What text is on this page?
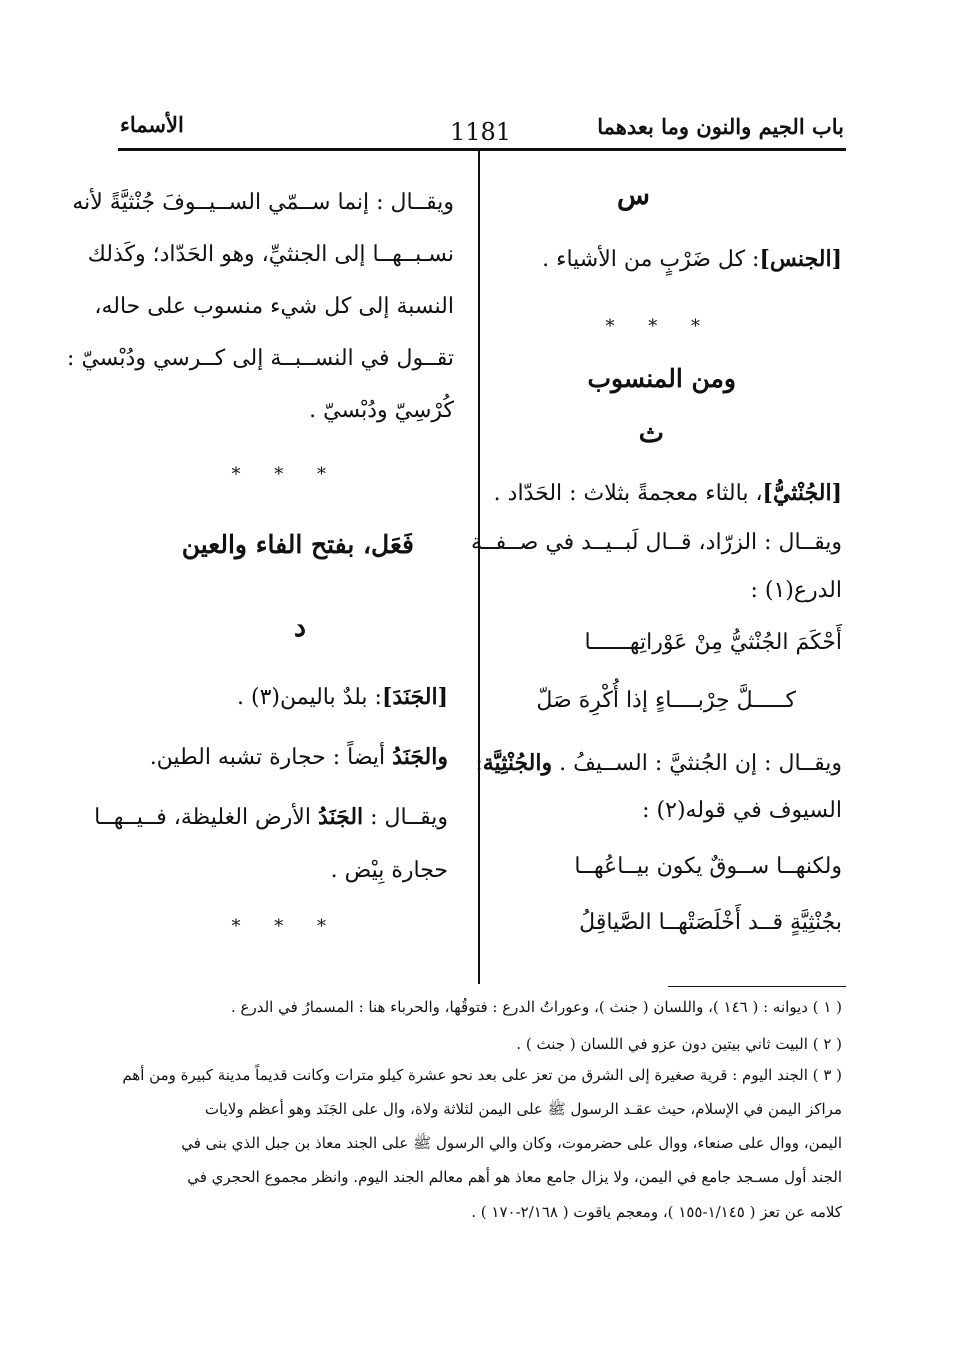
الأسماء	1181	باب الجيم والنون وما بعدهما
س
[الجنس]: كل ضَرْبٍ من الأشياء .
* * *
ومن المنسوب
ث
[الجُنْثيُّ]، بالثاء معجمةً بثلاث : الحَدّاد .
ويقــال : الزرّاد، قــال لَبــيــد في صــفــة
الدرع(١) :
أَحْكَمَ الجُنْثيُّ مِنْ عَوْراتِهــــــا
كـــــلَّ حِرْبــــاءٍ إذا أُكْرِهَ صَلّ
ويقــال : إن الجُنثيَّ : الســيفُ . والجُنْثِيَّة:
السيوف في قوله(٢) :
ولكنهــا ســوقٌ يكون بيــاعُهــا
بجُنْثِيَّةٍ قــد أَخْلَصَتْهــا الصَّياقِلُ
ويقــال : إنما ســمّي الســيــوفَ جُنْثيَّةً لأنه
نسـبــهــا إلى الجنثيِّ، وهو الحَدّاد؛ وكَذلك
النسبة إلى كل شيء منسوب على حاله،
تقــول في النســبــة إلى كــرسي ودُبْسيّ :
كُرْسِيّ ودُبْسيّ .
* * *
فَعَل، بفتح الفاء والعين
د
[الجَنَدَ]: بلدٌ باليمن(٣) .
والجَنَدُ أيضاً : حجارة تشبه الطين.
ويقــال : الجَنَدُ الأرض الغليظة، فــيــهــا
حجارة بِيْض .
* * *
( ١ ) ديوانه : ( ١٤٦ )، واللسان ( جنث )، وعوراتُ الدرع : فتوقُها، والحرباء هنا : المسمارُ في الدرع .
( ٢ ) البيت ثاني بيتين دون عزو في اللسان ( جنث ) .
( ٣ ) الجند اليوم : قرية صغيرة إلى الشرق من تعز على بعد نحو عشرة كيلو مترات وكانت قديماً مدينة كبيرة ومن أهم
مراكز اليمن في الإسلام، حيث عقـد الرسول ﷺ على اليمن لثلاثة ولاة، وال على الجَنَد وهو أعظم ولايات
اليمن، ووال على صنعاء، ووال على حضرموت، وكان والي الرسول ﷺ على الجند معاذ بن جبل الذي بنى في
الجند أول مسـجد جامع في اليمن، ولا يزال جامع معاذ هو أهم معالم الجند اليوم. وانظر مجموع الحجري في
كلامه عن تعز ( ١/١٤٥-١٥٥ )، ومعجم ياقوت ( ٢/١٦٨-١٧٠ ) .
